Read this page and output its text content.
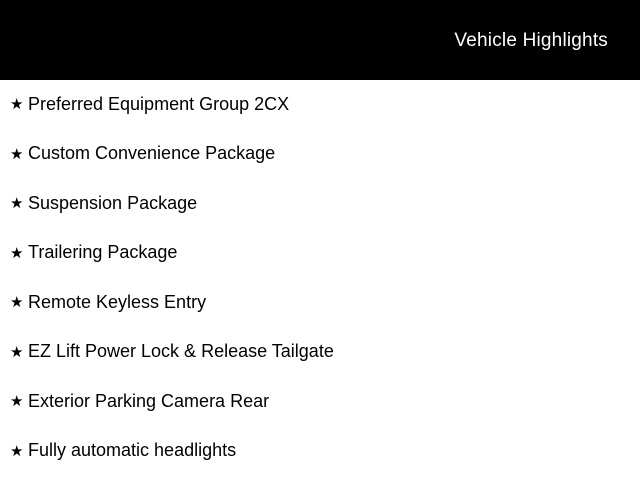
Vehicle Highlights
★ Preferred Equipment Group 2CX
★ Custom Convenience Package
★ Suspension Package
★ Trailering Package
★ Remote Keyless Entry
★ EZ Lift Power Lock & Release Tailgate
★ Exterior Parking Camera Rear
★ Fully automatic headlights
